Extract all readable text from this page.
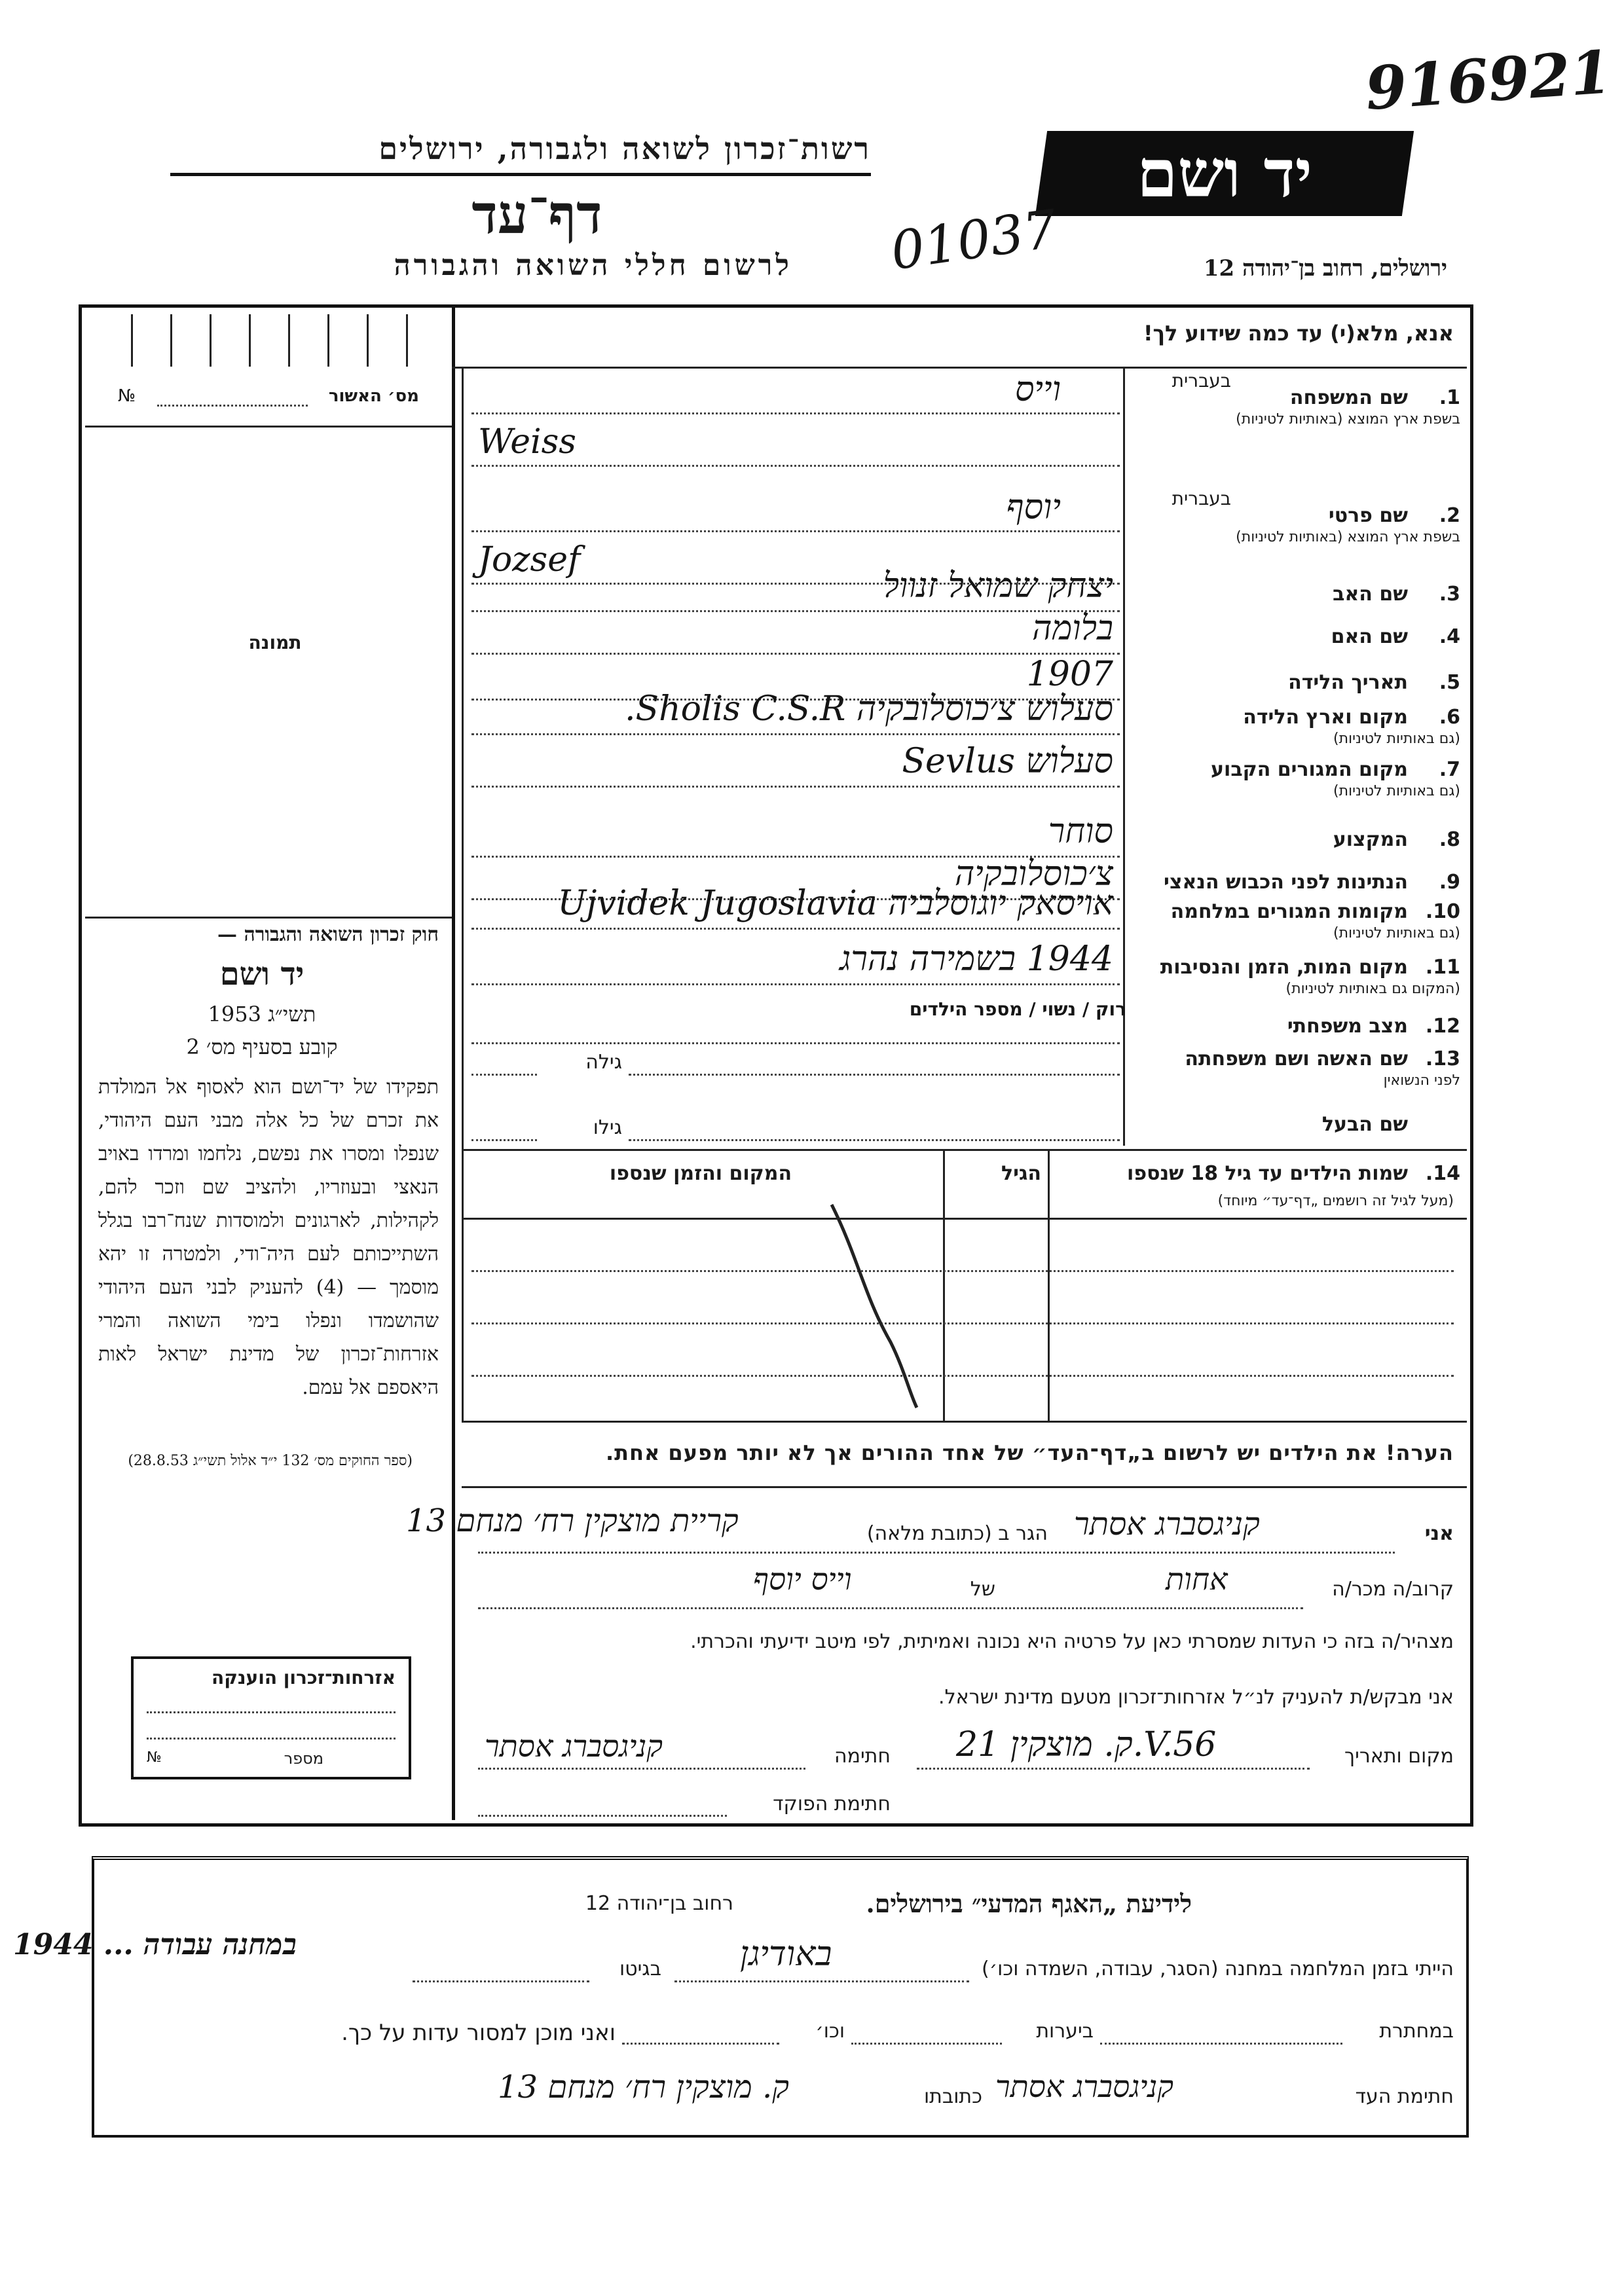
916921
יד ושם
רשות־זכרון לשואה ולגבורה, ירושלים
דף־עד
לרשום חללי השואה והגבורה	ירושלים, רחוב בן־יהודה 12
01037
מס׳ האשור
№
תמונה
חוק זכרון השואה והגבורה —
יד ושם
תשי״ג 1953
קובע בסעיף מס׳ 2
תפקידו של יד־ושם הוא לאסוף אל המולדת את זכרם של כל אלה מבני העם היהודי, שנפלו ומסרו את נפשם, נלחמו ומרדו באויב הנאצי ובעוזריו, ולהציב שם וזכר להם, לקהילות, לארגונים ולמוסדות שנח־רבו בגלל השתייכותם לעם היה־ודי, ולמטרה זו יהא מוסמך — (4) להעניק לבני העם היהודי שהושמדו ונפלו בימי השואה והמרי אזרחות־זכרון של מדינת ישראל לאות היאספם אל עמם.
(ספר החוקים מס׳ 132 י״ד אלול תשי״ג 28.8.53)
אזרחות־זכרון הוענקה
מספר
№
אנא, מלא(י) עד כמה שידוע לך!
1.
שם המשפחה
בעברית
בשפת ארץ המוצא (באותיות לטיניות)
וייס
Weiss
2.
שם פרטי
בעברית
בשפת ארץ המוצא (באותיות לטיניות)
יוסף
Jozsef
3.
שם האב
יצחק שמואל זנוול
4.
שם האם
בלומה
5.
תאריך הלידה
1907
6.
מקום וארץ הלידה
(גם באותיות לטיניות)
סעלוש צ׳כוסלובקיה Sholis C.S.R.
7.
מקום המגורים הקבוע
(גם באותיות לטיניות)
סעלוש Sevlus
8.
המקצוע
סוחר
9.
הנתינות לפני הכבוש הנאצי
צ׳כוסלובקיה
10.
מקומות המגורים במלחמה
(גם באותיות לטיניות)
אויסאק יוגוסלביה Ujvidek Jugoslavia
11.
מקום המות, הזמן והנסיבות
(המקום גם באותיות לטיניות)
1944 בשמירה נהרג
12.
מצב משפחתי
רוק / נשוי / מספר הילדים
13.
שם האשה ושם משפחתה
לפני הנשואין
גילה
שם הבעל
גילו
שמות הילדים עד גיל 18 שנספו 14.
(מעל לגיל זה רושמים „דף־עד״ מיוחד)
הגיל
המקום והזמן שנספו
הערה! את הילדים יש לרשום ב„דף־העד״ של אחד ההורים אך לא יותר מפעם אחת.
אני
קניגסברג אסתר
הגר ב (כתובת מלאה)
קריית מוצקין רח׳ מנחם 13
קרוב/ה מכר/ה
אחות
של
וייס יוסף
מצהיר/ה בזה כי העדות שמסרתי כאן על פרטיה היא נכונה ואמיתית, לפי מיטב ידיעתי והכרתי.
אני מבקש/ת להעניק לנ״ל אזרחות־זכרון מטעם מדינת ישראל.
מקום ותאריך
ק. מוצקין 21.V.56
חתימה
קניגסברג אסתר
חתימת הפוקד
לידיעת „האגף המדעי״ בירושלים.
רחוב בן־יהודה 12
הייתי בזמן המלחמה במחנה (הסגר, עבודה, השמדה וכו׳)
באודיגן
בגיטו
במחנה עבודה ... 1944
במחתרת
ביערות
וכו׳
ואני מוכן למסור עדות על כך.
חתימת העד
קניגסברג אסתר
כתובתו
ק. מוצקין רח׳ מנחם 13
